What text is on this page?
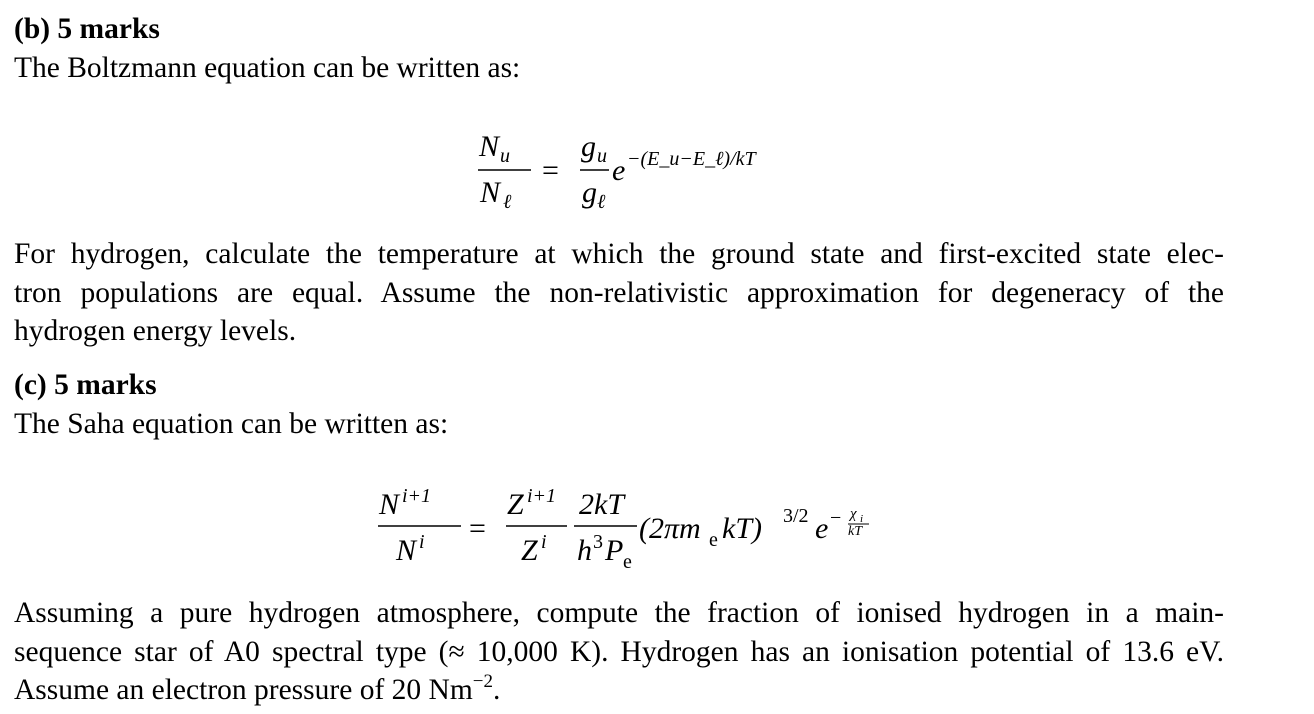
(b) 5 marks
The Boltzmann equation can be written as:
N u
N ℓ
=
g u
g ℓ
e −(E_u−E_ℓ)/kT
For hydrogen, calculate the temperature at which the ground state and first-excited state elec-
tron populations are equal. Assume the non-relativistic approximation for degeneracy of the
hydrogen energy levels.
(c) 5 marks
The Saha equation can be written as:
N i+1
N i =
Z i+1
Z i
2kT
h 3 P e
(2πm e kT) 3/2 e − χ i
kT
Assuming a pure hydrogen atmosphere, compute the fraction of ionised hydrogen in a main-
sequence star of A0 spectral type (≈ 10,000 K). Hydrogen has an ionisation potential of 13.6 eV.
Assume an electron pressure of 20 $Nm^{-2}$.
